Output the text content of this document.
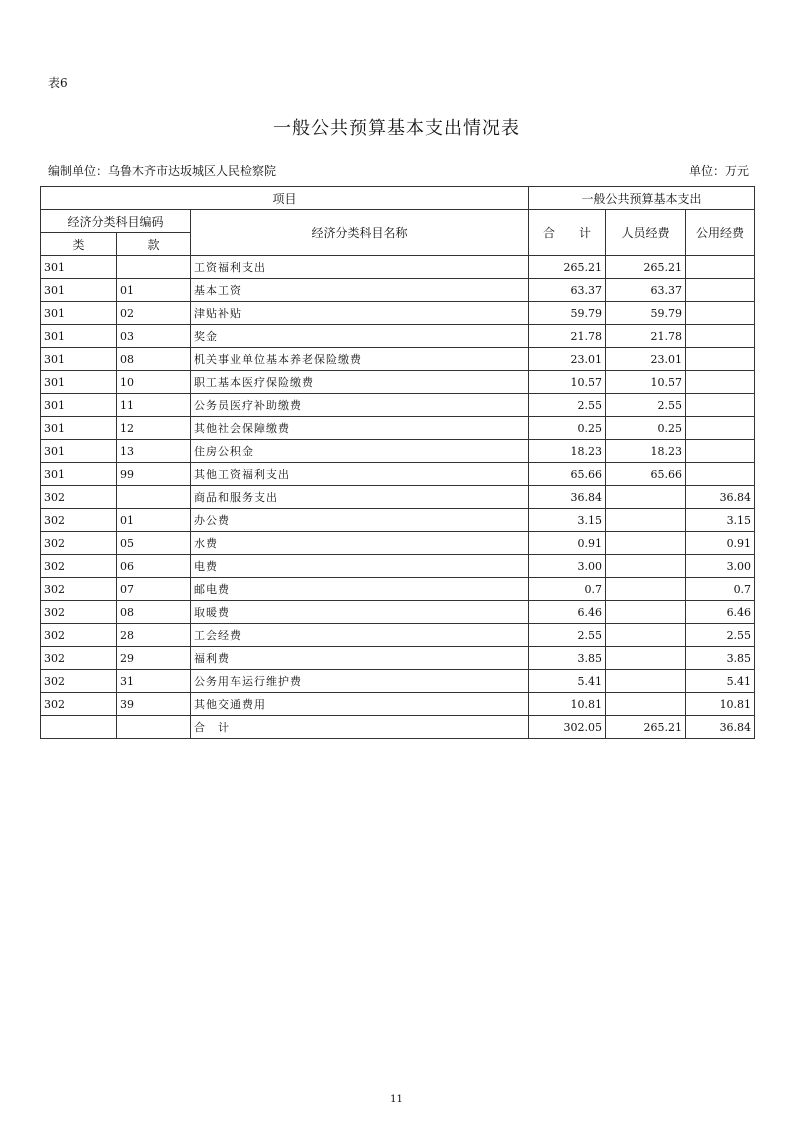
表6
一般公共预算基本支出情况表
编制单位：乌鲁木齐市达坂城区人民检察院	单位：万元
项目			一般公共预算基本支出		
经济分类科目编码		经济分类科目名称	合　　计	人员经费	公用经费
类	款				
301		工资福利支出	265.21	265.21	
301	01	基本工资	63.37	63.37	
301	02	津贴补贴	59.79	59.79	
301	03	奖金	21.78	21.78	
301	08	机关事业单位基本养老保险缴费	23.01	23.01	
301	10	职工基本医疗保险缴费	10.57	10.57	
301	11	公务员医疗补助缴费	2.55	2.55	
301	12	其他社会保障缴费	0.25	0.25	
301	13	住房公积金	18.23	18.23	
301	99	其他工资福利支出	65.66	65.66	
302		商品和服务支出	36.84		36.84
302	01	办公费	3.15		3.15
302	05	水费	0.91		0.91
302	06	电费	3.00		3.00
302	07	邮电费	0.7		0.7
302	08	取暖费	6.46		6.46
302	28	工会经费	2.55		2.55
302	29	福利费	3.85		3.85
302	31	公务用车运行维护费	5.41		5.41
302	39	其他交通费用	10.81		10.81
		合　计	302.05	265.21	36.84
11
